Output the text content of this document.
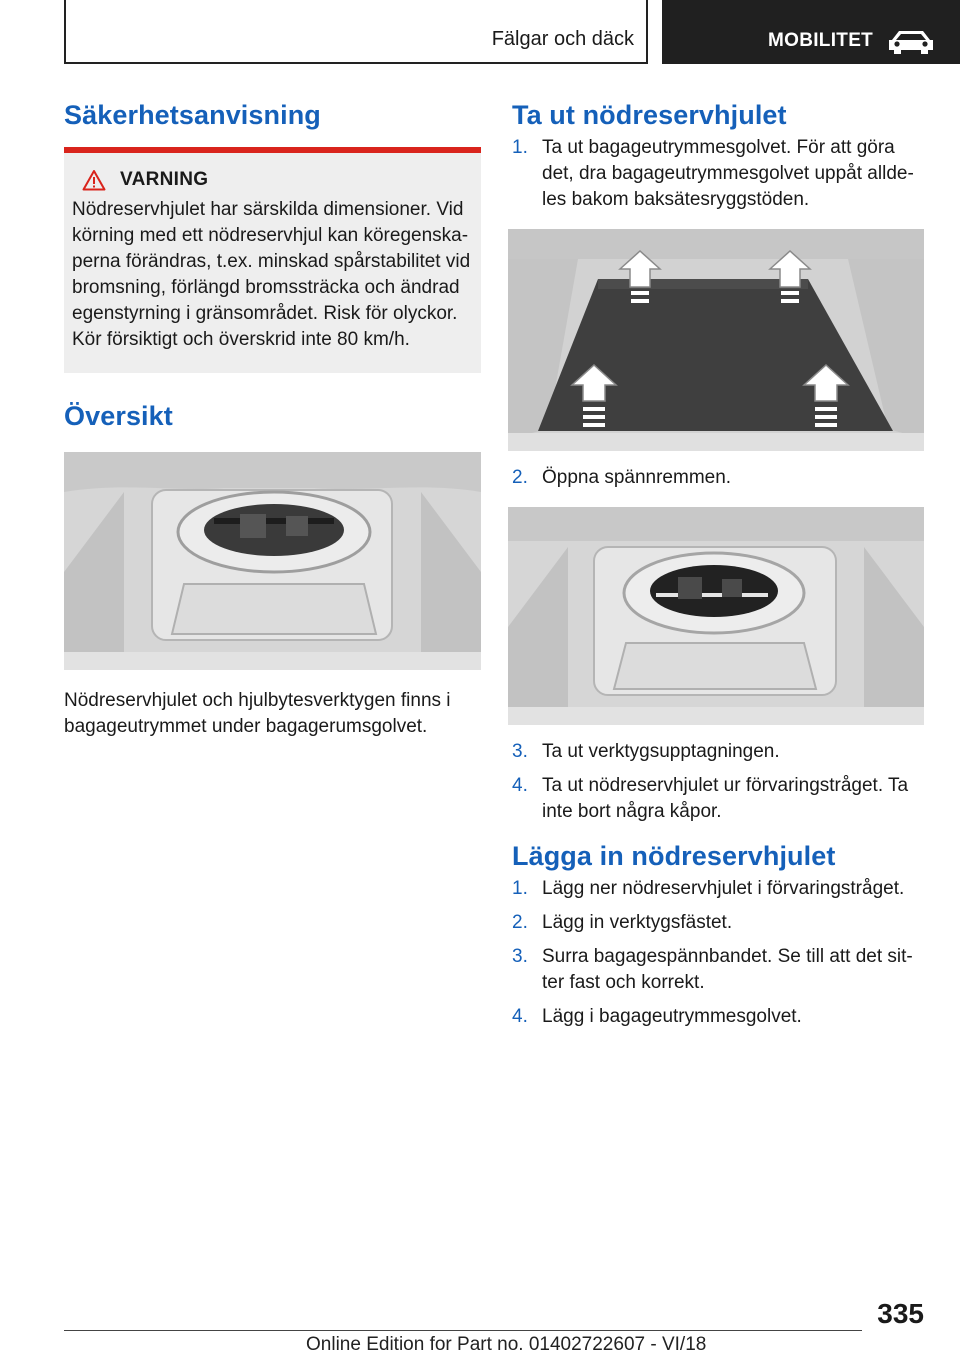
Fälgar och däck	MOBILITET
Säkerhetsanvisning
VARNING
Nödreservhjulet har särskilda dimensioner. Vid körning med ett nödreservhjul kan köregenskaperna förändras, t.ex. minskad spårstabilitet vid bromsning, förlängd bromssträcka och ändrad egenstyrning i gränsområdet. Risk för olyckor. Kör försiktigt och överskrid inte 80 km/h.
Översikt
Nödreservhjulet och hjulbytesverktygen finns i bagageutrymmet under bagagerumsgolvet.
Ta ut nödreservhjulet
1. Ta ut bagageutrymmesgolvet. För att göra det, dra bagageutrymmesgolvet uppåt alldeles bakom baksätesryggstöden.
2. Öppna spännremmen.
3. Ta ut verktygsupptagningen.
4. Ta ut nödreservhjulet ur förvaringstråget. Ta inte bort några kåpor.
Lägga in nödreservhjulet
1. Lägg ner nödreservhjulet i förvaringstråget.
2. Lägg in verktygsfästet.
3. Surra bagagespännbandet. Se till att det sitter fast och korrekt.
4. Lägg i bagageutrymmesgolvet.
335
Online Edition for Part no. 01402722607 - VI/18
